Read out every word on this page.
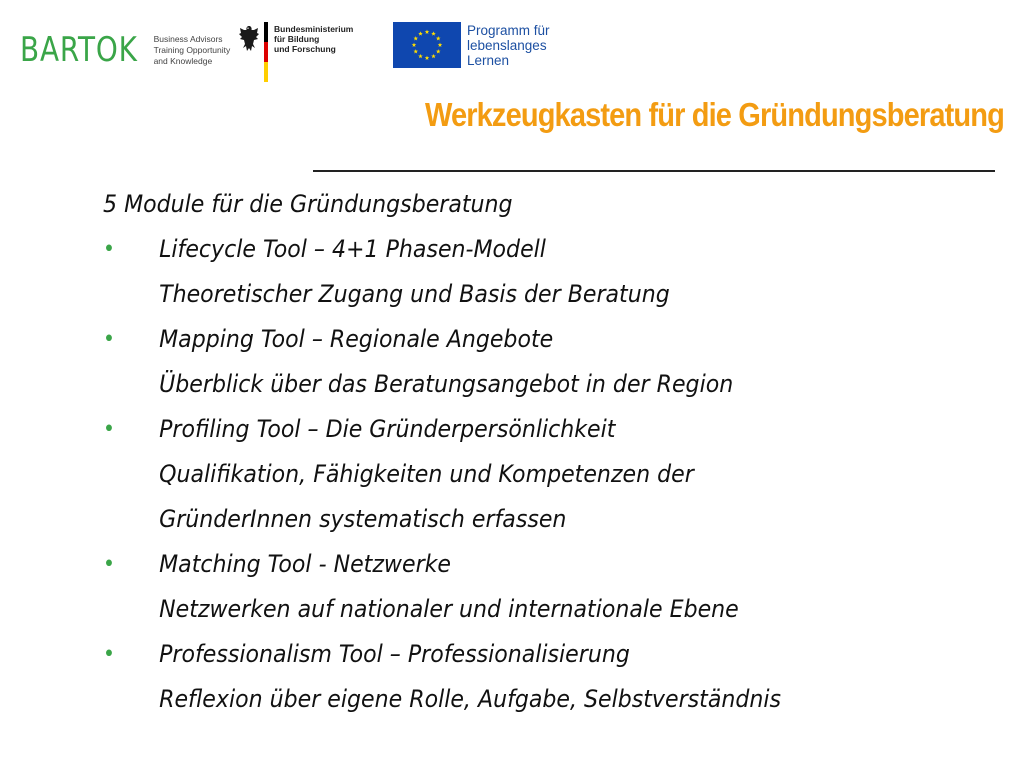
BARTOK Business Advisors
Training Opportunity
and Knowledge
Bundesministerium
für Bildung
und Forschung
Programm für
lebenslanges
Lernen
Werkzeugkasten für die Gründungsberatung
5 Module für die Gründungsberatung
• Lifecycle Tool – 4+1 Phasen-Modell
Theoretischer Zugang und Basis der Beratung
• Mapping Tool – Regionale Angebote
Überblick über das Beratungsangebot in der Region
• Profiling Tool – Die Gründerpersönlichkeit
Qualifikation, Fähigkeiten und Kompetenzen der
GründerInnen systematisch erfassen
• Matching Tool - Netzwerke
Netzwerken auf nationaler und internationale Ebene
• Professionalism Tool – Professionalisierung
Reflexion über eigene Rolle, Aufgabe, Selbstverständnis
